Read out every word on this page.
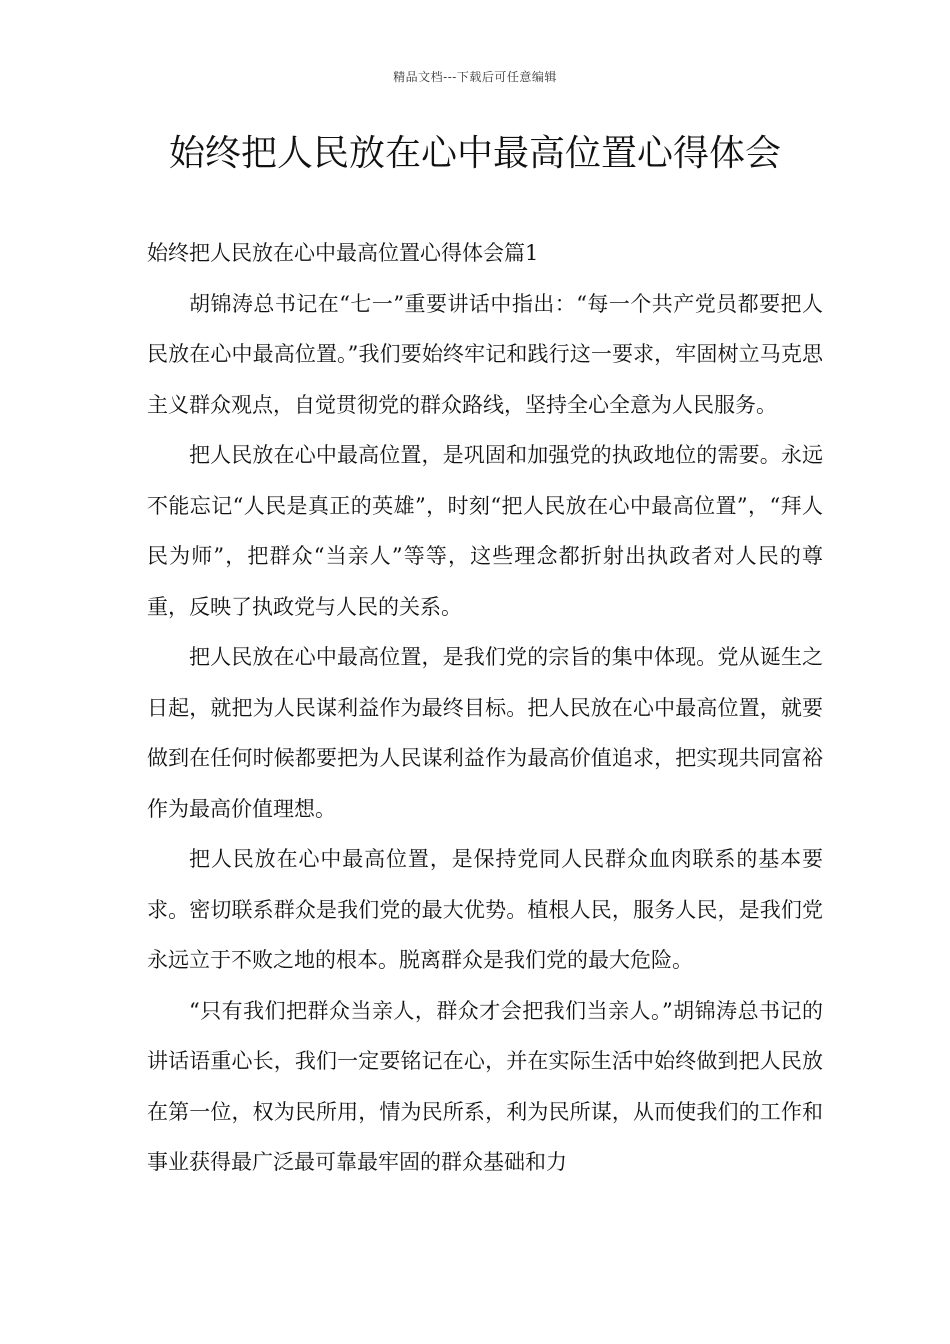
精品文档---下载后可任意编辑
始终把人民放在心中最高位置心得体会
始终把人民放在心中最高位置心得体会篇1

胡锦涛总书记在“七一”重要讲话中指出：“每一个共产党员都要把人民放在心中最高位置。”我们要始终牢记和践行这一要求，牢固树立马克思主义群众观点，自觉贯彻党的群众路线，坚持全心全意为人民服务。

把人民放在心中最高位置，是巩固和加强党的执政地位的需要。永远不能忘记“人民是真正的英雄”，时刻“把人民放在心中最高位置”，“拜人民为师”，把群众“当亲人”等等，这些理念都折射出执政者对人民的尊重，反映了执政党与人民的关系。

把人民放在心中最高位置，是我们党的宗旨的集中体现。党从诞生之日起，就把为人民谋利益作为最终目标。把人民放在心中最高位置，就要做到在任何时候都要把为人民谋利益作为最高价值追求，把实现共同富裕作为最高价值理想。

把人民放在心中最高位置，是保持党同人民群众血肉联系的基本要求。密切联系群众是我们党的最大优势。植根人民，服务人民，是我们党永远立于不败之地的根本。脱离群众是我们党的最大危险。

“只有我们把群众当亲人，群众才会把我们当亲人。”胡锦涛总书记的讲话语重心长，我们一定要铭记在心，并在实际生活中始终做到把人民放在第一位，权为民所用，情为民所系，利为民所谋，从而使我们的工作和事业获得最广泛最可靠最牢固的群众基础和力
